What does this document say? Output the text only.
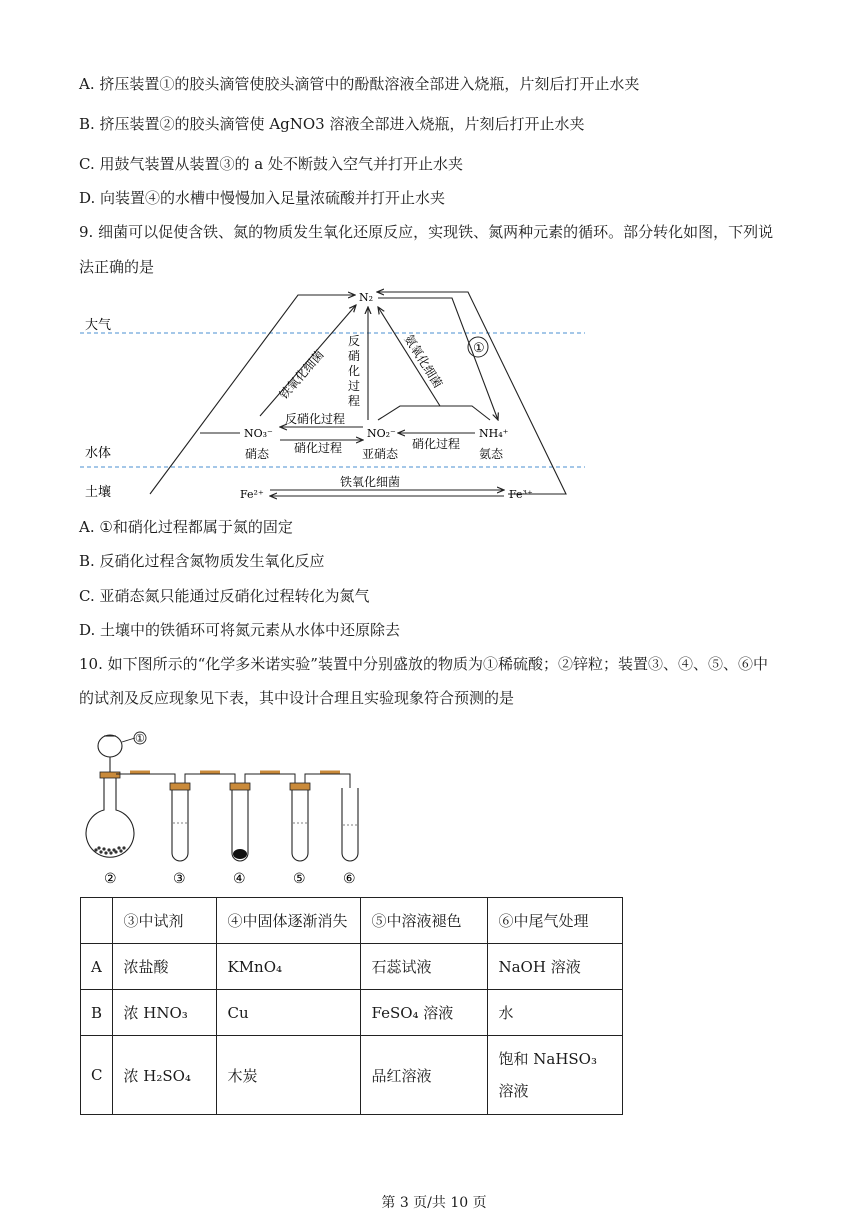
A. 挤压装置①的胶头滴管使胶头滴管中的酚酞溶液全部进入烧瓶，片刻后打开止水夹
B. 挤压装置②的胶头滴管使 AgNO3 溶液全部进入烧瓶，片刻后打开止水夹
C. 用鼓气装置从装置③的 a 处不断鼓入空气并打开止水夹
D. 向装置④的水槽中慢慢加入足量浓硫酸并打开止水夹
9. 细菌可以促使含铁、氮的物质发生氧化还原反应，实现铁、氮两种元素的循环。部分转化如图，下列说
法正确的是
大气
水体
土壤
N₂
NO₃⁻
硝态
NO₂⁻
亚硝态
NH₄⁺
氨态
Fe²⁺	Fe³⁺
①
铁氧化细菌
反
硝
化
过
程
氨氧化细菌
反硝化过程
硝化过程	硝化过程
铁氧化细菌
A. ①和硝化过程都属于氮的固定
B. 反硝化过程含氮物质发生氧化反应
C. 亚硝态氮只能通过反硝化过程转化为氮气
D. 土壤中的铁循环可将氮元素从水体中还原除去
10. 如下图所示的“化学多米诺实验”装置中分别盛放的物质为①稀硫酸；②锌粒；装置③、④、⑤、⑥中
的试剂及反应现象见下表，其中设计合理且实验现象符合预测的是
①
②	③	④	⑤	⑥
	③中试剂	④中固体逐渐消失	⑤中溶液褪色	⑥中尾气处理
A	浓盐酸	KMnO₄	石蕊试液	NaOH 溶液
B	浓 HNO₃	Cu	FeSO₄ 溶液	水
C	浓 H₂SO₄	木炭	品红溶液	饱和 NaHSO₃ 溶液
第 3 页/共 10 页
